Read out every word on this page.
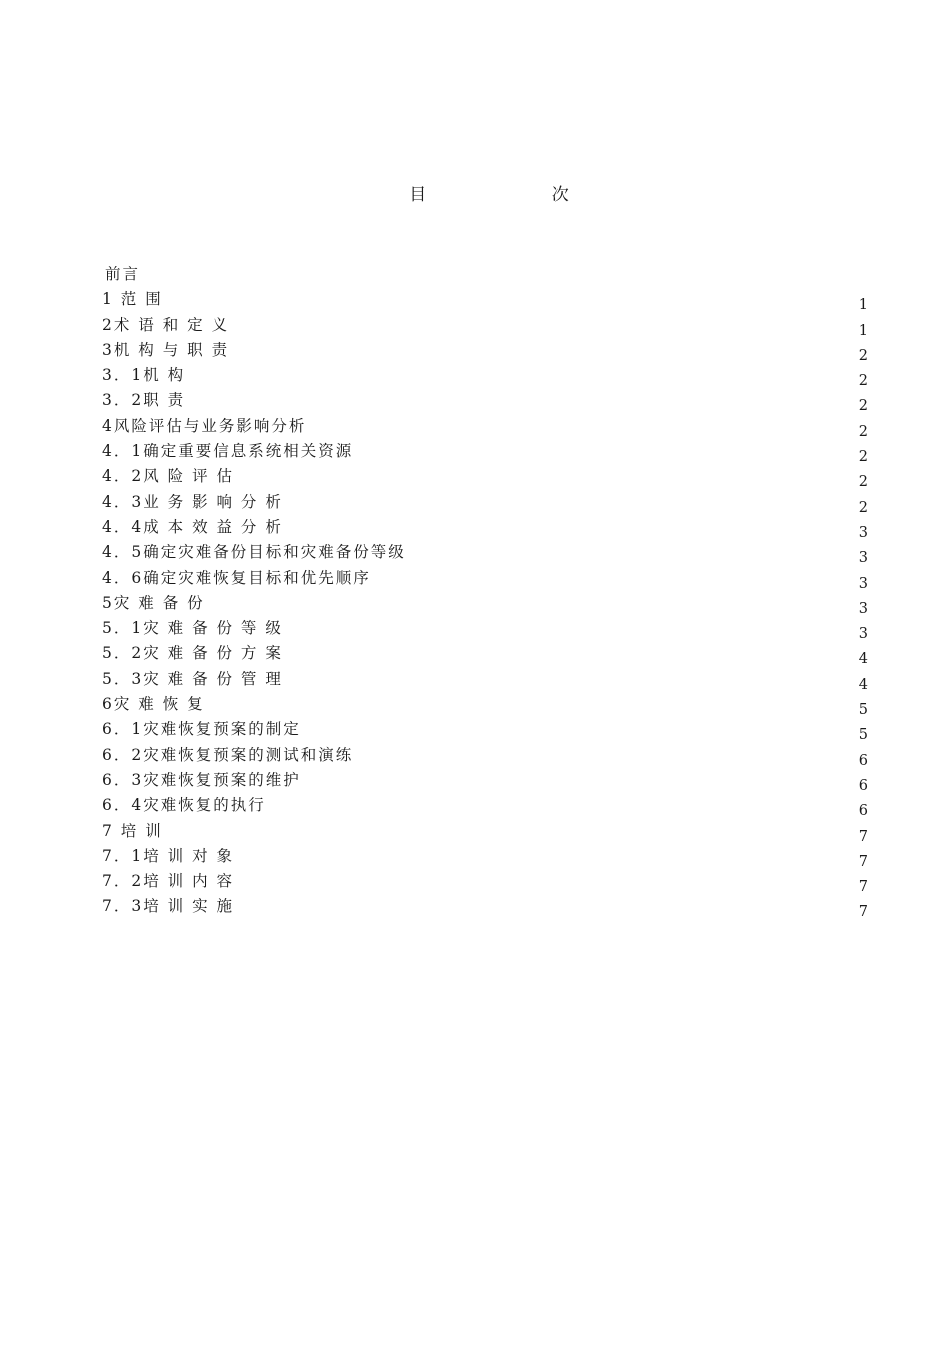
目 次
前言
1 范 围	1
2术 语 和 定 义	1
3机 构 与 职 责	2
3．1机 构	2
3．2职 责	2
4风险评估与业务影响分析	2
4．1确定重要信息系统相关资源	2
4．2风 险 评 估	2
4．3业 务 影 响 分 析	2
4．4成 本 效 益 分 析	3
4．5确定灾难备份目标和灾难备份等级	3
4．6确定灾难恢复目标和优先顺序	3
5灾 难 备 份	3
5．1灾 难 备 份 等 级	3
5．2灾 难 备 份 方 案	4
5．3灾 难 备 份 管 理	4
6灾 难 恢 复	5
6．1灾难恢复预案的制定	5
6．2灾难恢复预案的测试和演练	6
6．3灾难恢复预案的维护	6
6．4灾难恢复的执行	6
7 培 训	7
7．1培 训 对 象	7
7．2培 训 内 容	7
7．3培 训 实 施	7
